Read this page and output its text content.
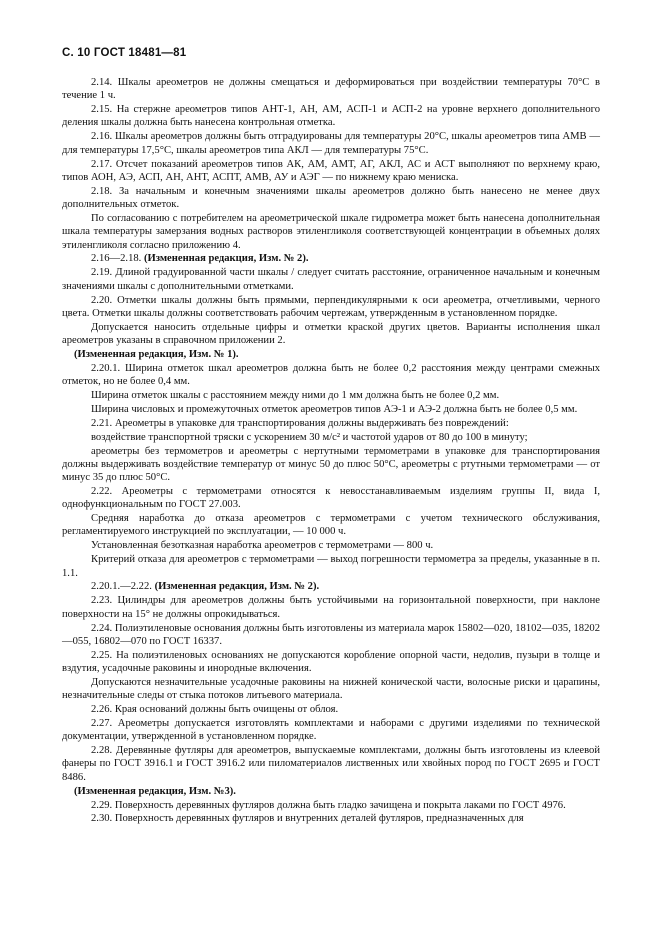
С. 10 ГОСТ 18481—81

2.14. Шкалы ареометров не должны смещаться и деформироваться при воздействии температуры 70°С в течение 1 ч.

2.15. На стержне ареометров типов АНТ-1, АН, AM, АСП-1 и АСП-2 на уровне верхнего дополнительного деления шкалы должна быть нанесена контрольная отметка.

2.16. Шкалы ареометров должны быть отградуированы для температуры 20°С, шкалы ареометров типа АМВ — для температуры 17,5°С, шкалы ареометров типа АКЛ — для температуры 75°С.

2.17. Отсчет показаний ареометров типов АК, AM, АМТ, АГ, АКЛ, АС и АСТ выполняют по верхнему краю, типов АОН, АЭ, АСП, АН, АНТ, АСПТ, АМВ, АУ и АЭГ — по нижнему краю мениска.

2.18. За начальным и конечным значениями шкалы ареометров должно быть нанесено не менее двух дополнительных отметок.

По согласованию с потребителем на ареометрической шкале гидрометра может быть нанесена дополнительная шкала температуры замерзания водных растворов этиленгликоля соответствующей концентрации в объемных долях этиленгликоля согласно приложению 4.

2.16—2.18. (Измененная редакция, Изм. № 2).

2.19. Длиной градуированной части шкалы / следует считать расстояние, ограниченное начальным и конечным значениями шкалы с дополнительными отметками.

2.20. Отметки шкалы должны быть прямыми, перпендикулярными к оси ареометра, отчетливыми, черного цвета. Отметки шкалы должны соответствовать рабочим чертежам, утвержденным в установленном порядке.

Допускается наносить отдельные цифры и отметки краской других цветов. Варианты исполнения шкал ареометров указаны в справочном приложении 2.

(Измененная редакция, Изм. № 1).

2.20.1. Ширина отметок шкал ареометров должна быть не более 0,2 расстояния между центрами смежных отметок, но не более 0,4 мм.

Ширина отметок шкалы с расстоянием между ними до 1 мм должна быть не более 0,2 мм.

Ширина числовых и промежуточных отметок ареометров типов АЭ-1 и АЭ-2 должна быть не более 0,5 мм.

2.21. Ареометры в упаковке для транспортирования должны выдерживать без повреждений:

воздействие транспортной тряски с ускорением 30 м/с² и частотой ударов от 80 до 100 в минуту;

ареометры без термометров и ареометры с нертутными термометрами в упаковке для транспортирования должны выдерживать воздействие температур от минус 50 до плюс 50°С, ареометры с ртутными термометрами — от минус 35 до плюс 50°С.

2.22. Ареометры с термометрами относятся к невосстанавливаемым изделиям группы II, вида I, однофункциональным по ГОСТ 27.003.

Средняя наработка до отказа ареометров с термометрами с учетом технического обслуживания, регламентируемого инструкцией по эксплуатации, — 10 000 ч.

Установленная безотказная наработка ареометров с термометрами — 800 ч.

Критерий отказа для ареометров с термометрами — выход погрешности термометра за пределы, указанные в п. 1.1.

2.20.1.—2.22. (Измененная редакция, Изм. № 2).

2.23. Цилиндры для ареометров должны быть устойчивыми на горизонтальной поверхности, при наклоне поверхности на 15° не должны опрокидываться.

2.24. Полиэтиленовые основания должны быть изготовлены из материала марок 15802—020, 18102—035, 18202—055, 16802—070 по ГОСТ 16337.

2.25. На полиэтиленовых основаниях не допускаются коробление опорной части, недолив, пузыри в толще и вздутия, усадочные раковины и инородные включения.

Допускаются незначительные усадочные раковины на нижней конической части, волосные риски и царапины, незначительные следы от стыка потоков литьевого материала.

2.26. Края оснований должны быть очищены от облоя.

2.27. Ареометры допускается изготовлять комплектами и наборами с другими изделиями по технической документации, утвержденной в установленном порядке.

2.28. Деревянные футляры для ареометров, выпускаемые комплектами, должны быть изготовлены из клеевой фанеры по ГОСТ 3916.1 и ГОСТ 3916.2 или пиломатериалов лиственных или хвойных пород по ГОСТ 2695 и ГОСТ 8486.

(Измененная редакция, Изм. №3).

2.29. Поверхность деревянных футляров должна быть гладко зачищена и покрыта лаками по ГОСТ 4976.

2.30. Поверхность деревянных футляров и внутренних деталей футляров, предназначенных для
